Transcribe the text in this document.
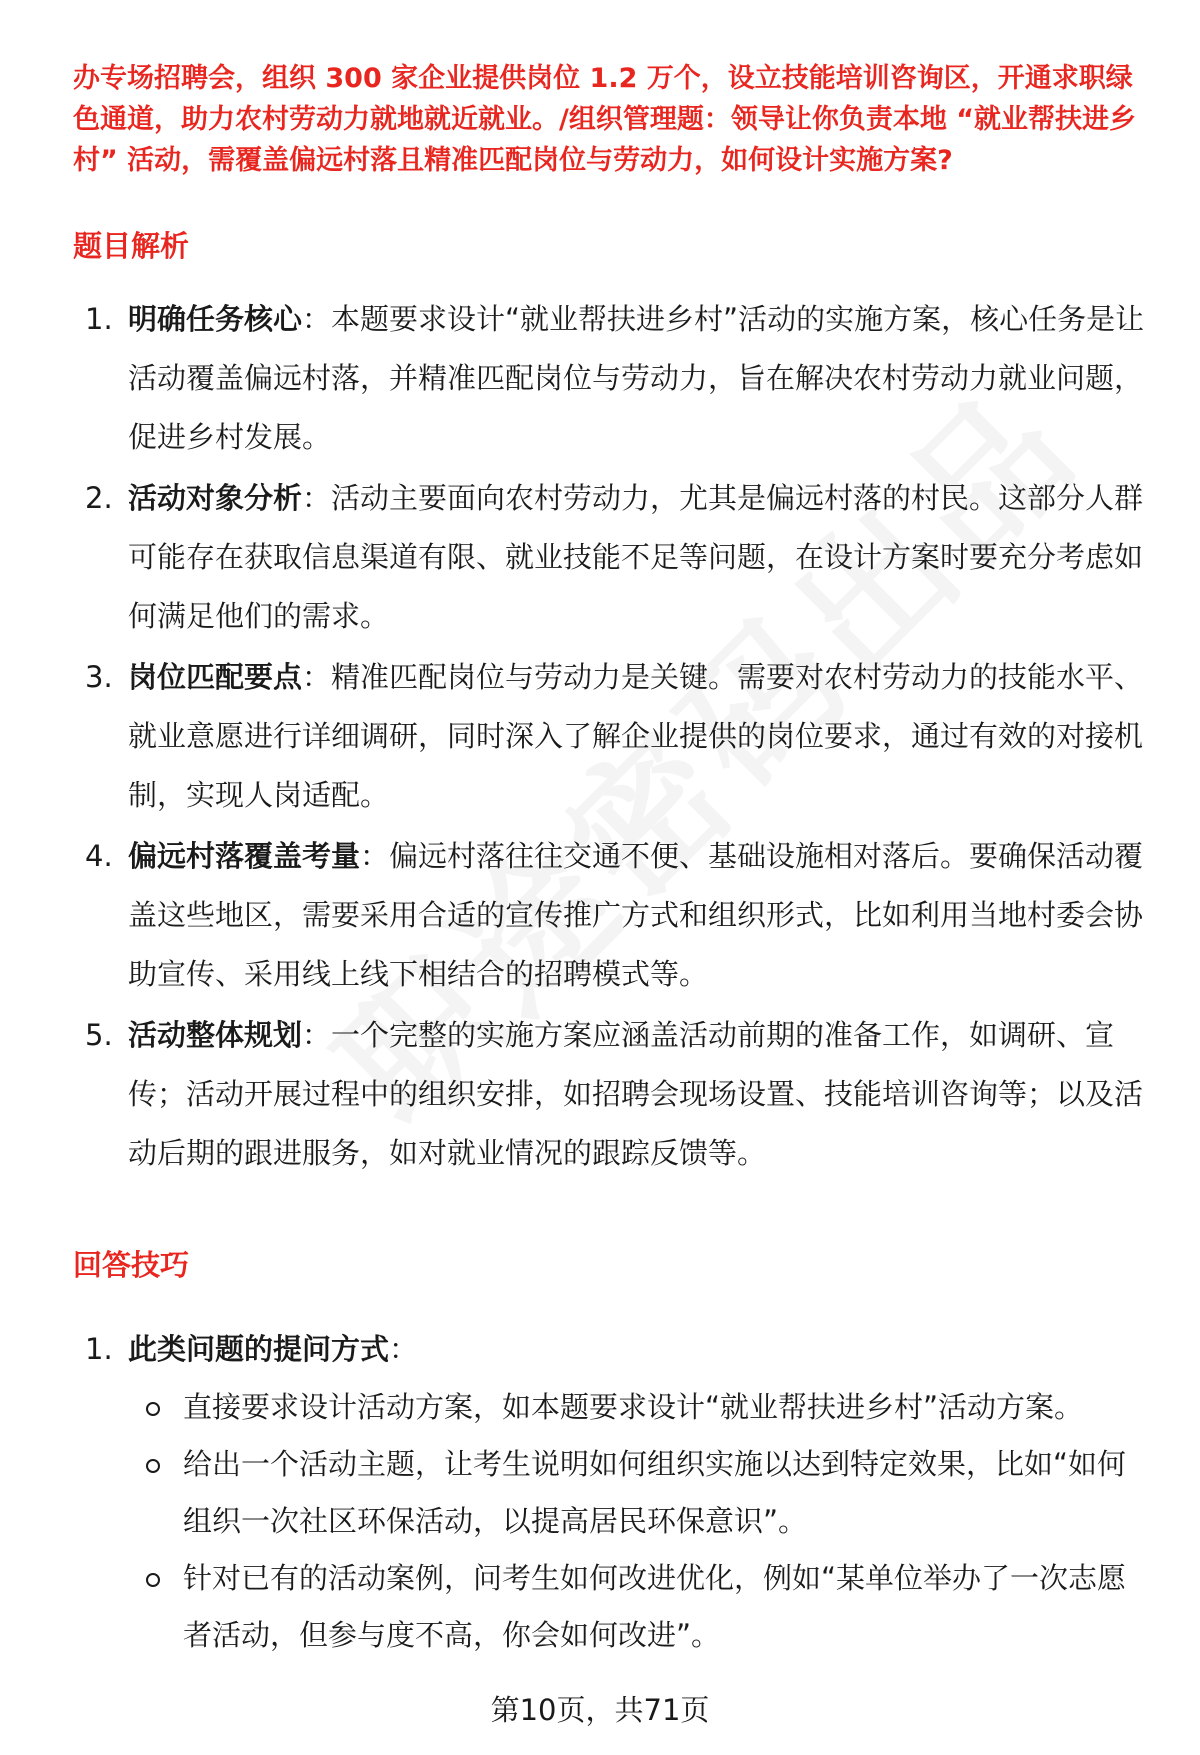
办专场招聘会，组织 300 家企业提供岗位 1.2 万个，设立技能培训咨询区，开通求职绿色通道，助力农村劳动力就地就近就业。/组织管理题：领导让你负责本地 “就业帮扶进乡村” 活动，需覆盖偏远村落且精准匹配岗位与劳动力，如何设计实施方案?
题目解析
1. 明确任务核心：本题要求设计“就业帮扶进乡村”活动的实施方案，核心任务是让活动覆盖偏远村落，并精准匹配岗位与劳动力，旨在解决农村劳动力就业问题，促进乡村发展。
2. 活动对象分析：活动主要面向农村劳动力，尤其是偏远村落的村民。这部分人群可能存在获取信息渠道有限、就业技能不足等问题，在设计方案时要充分考虑如何满足他们的需求。
3. 岗位匹配要点：精准匹配岗位与劳动力是关键。需要对农村劳动力的技能水平、就业意愿进行详细调研，同时深入了解企业提供的岗位要求，通过有效的对接机制，实现人岗适配。
4. 偏远村落覆盖考量：偏远村落往往交通不便、基础设施相对落后。要确保活动覆盖这些地区，需要采用合适的宣传推广方式和组织形式，比如利用当地村委会协助宣传、采用线上线下相结合的招聘模式等。
5. 活动整体规划：一个完整的实施方案应涵盖活动前期的准备工作，如调研、宣传；活动开展过程中的组织安排，如招聘会现场设置、技能培训咨询等；以及活动后期的跟进服务，如对就业情况的跟踪反馈等。
回答技巧
1. 此类问题的提问方式：
直接要求设计活动方案，如本题要求设计“就业帮扶进乡村”活动方案。
给出一个活动主题，让考生说明如何组织实施以达到特定效果，比如“如何组织一次社区环保活动，以提高居民环保意识”。
针对已有的活动案例，问考生如何改进优化，例如“某单位举办了一次志愿者活动，但参与度不高，你会如何改进”。
第10页，共71页
